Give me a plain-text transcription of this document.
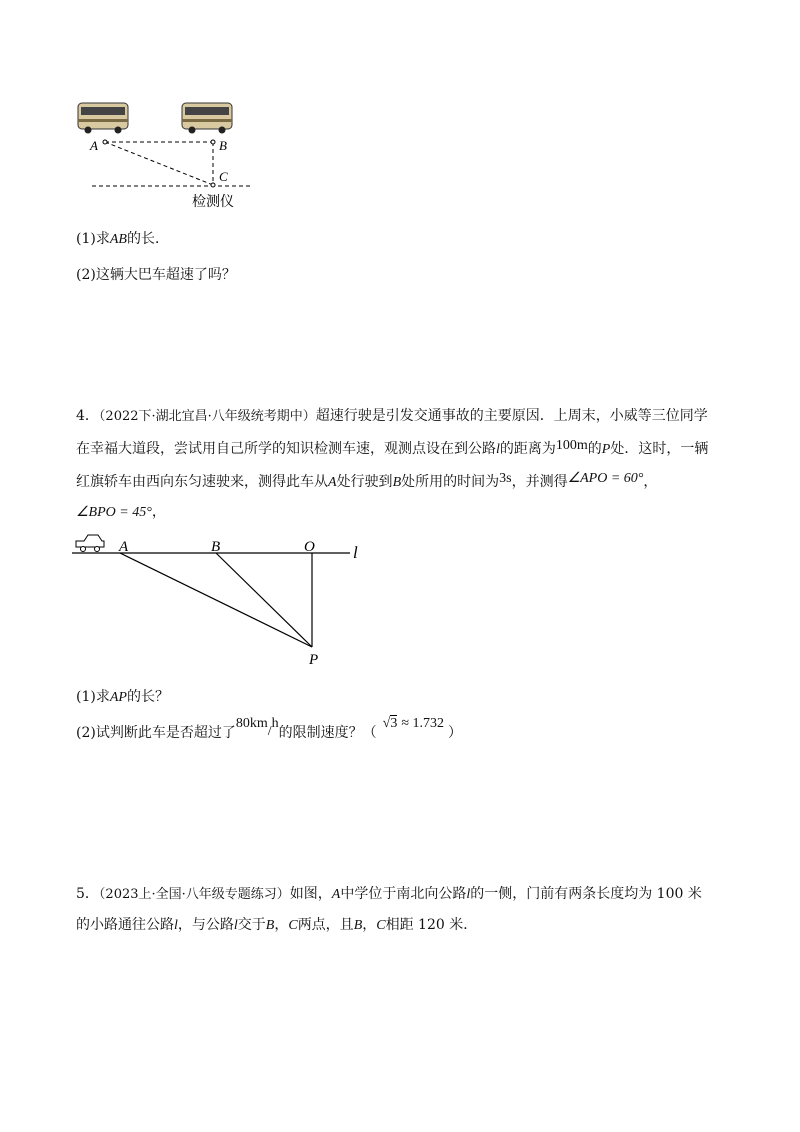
A	B
C
检测仪
(1)求AB的长．
(2)这辆大巴车超速了吗？
4．（2022下·湖北宜昌·八年级统考期中）超速行驶是引发交通事故的主要原因．上周末，小威等三位同学
在幸福大道段，尝试用自己所学的知识检测车速，观测点设在到公路l的距离为100m的P处．这时，一辆
红旗轿车由西向东匀速驶来，测得此车从A处行驶到B处所用的时间为3s，并测得∠APO = 60°，
∠BPO = 45°，
A	B	O l
P
(1)求AP的长？
(2)试判断此车是否超过了80km/h的限制速度？（√3 ≈ 1.732）
5．（2023上·全国·八年级专题练习）如图，A中学位于南北向公路l的一侧，门前有两条长度均为 100 米
的小路通往公路l，与公路l交于B，C两点，且B，C相距 120 米．
